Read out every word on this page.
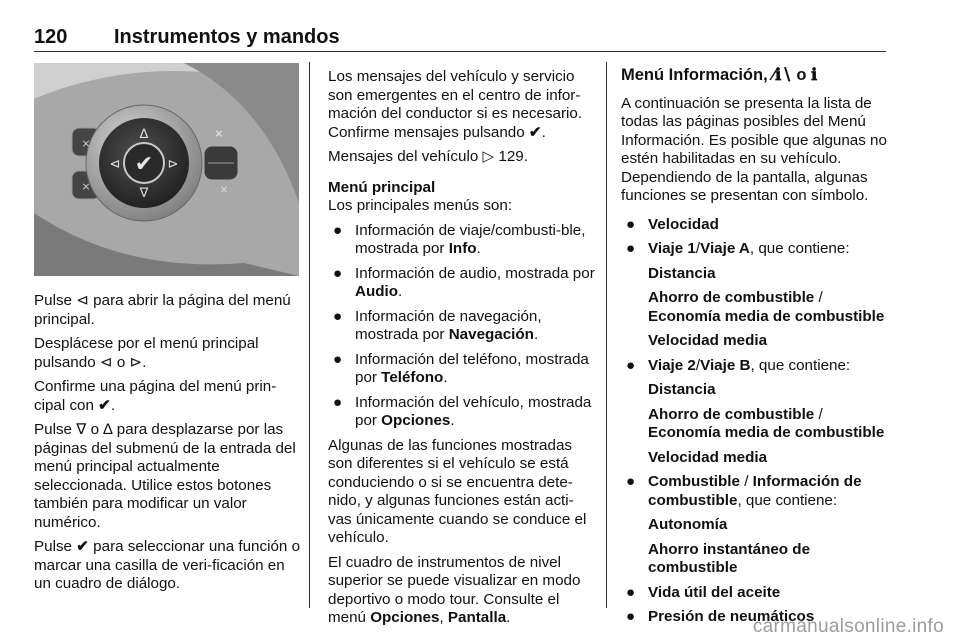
120 Instrumentos y mandos
✔
∆
∇
⊲	⊳
⨯
⨯
⨯
⨯

Pulse ⊲ para abrir la página del menú principal.

Desplácese por el menú principal pulsando ⊲ o ⊳.

Confirme una página del menú prin-cipal con ✔.

Pulse ∇ o ∆ para desplazarse por las páginas del submenú de la entrada del menú principal actualmente seleccionada. Utilice estos botones también para modificar un valor numérico.

Pulse ✔ para seleccionar una función o marcar una casilla de veri-ficación en un cuadro de diálogo.

Los mensajes del vehículo y servicio son emergentes en el centro de infor-mación del conductor si es necesario. Confirme mensajes pulsando ✔.

Mensajes del vehículo ▷ 129.

Menú principal

Los principales menús son:

● Información de viaje/combusti-ble, mostrada por Info.
● Información de audio, mostrada por Audio.
● Información de navegación, mostrada por Navegación.
● Información del teléfono, mostrada por Teléfono.
● Información del vehículo, mostrada por Opciones.

Algunas de las funciones mostradas son diferentes si el vehículo se está conduciendo o si se encuentra dete-nido, y algunas funciones están acti-vas únicamente cuando se conduce el vehículo.

El cuadro de instrumentos de nivel superior se puede visualizar en modo deportivo o modo tour. Consulte el menú Opciones, Pantalla.

Menú Información, ∕ℹ∖ o ℹ

A continuación se presenta la lista de todas las páginas posibles del Menú Información. Es posible que algunas no estén habilitadas en su vehículo. Dependiendo de la pantalla, algunas funciones se presentan con símbolo.

● Velocidad
● Viaje 1/Viaje A, que contiene:

Distancia

Ahorro de combustible /
Economía media de combustible

Velocidad media

● Viaje 2/Viaje B, que contiene:

Distancia

Ahorro de combustible /
Economía media de combustible

Velocidad media

● Combustible / Información de combustible, que contiene:

Autonomía

Ahorro instantáneo de combustible

● Vida útil del aceite
● Presión de neumáticos
carmanualsonline.info
